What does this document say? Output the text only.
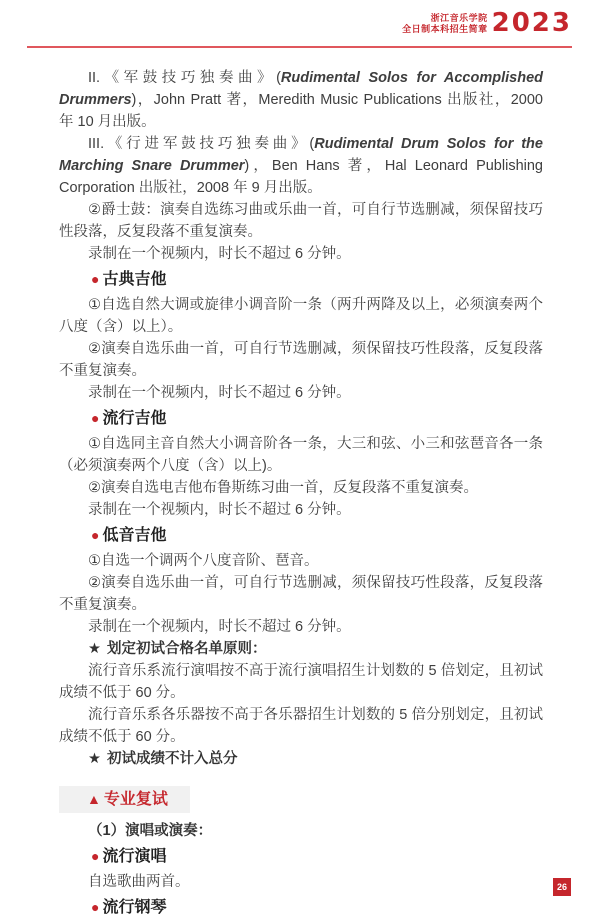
浙江音乐学院
全日制本科招生简章 2023

II.《军鼓技巧独奏曲》(Rudimental Solos for Accomplished Drummers)，John Pratt 著，Meredith Music Publications 出版社，2000 年 10 月出版。

III.《行进军鼓技巧独奏曲》(Rudimental Drum Solos for the Marching Snare Drummer)，Ben Hans 著，Hal Leonard Publishing Corporation 出版社，2008 年 9 月出版。

②爵士鼓：演奏自选练习曲或乐曲一首，可自行节选删减，须保留技巧性段落，反复段落不重复演奏。

录制在一个视频内，时长不超过 6 分钟。

● 古典吉他

①自选自然大调或旋律小调音阶一条（两升两降及以上，必须演奏两个八度（含）以上）。

②演奏自选乐曲一首，可自行节选删减，须保留技巧性段落，反复段落不重复演奏。

录制在一个视频内，时长不超过 6 分钟。

● 流行吉他

①自选同主音自然大小调音阶各一条，大三和弦、小三和弦琶音各一条（必须演奏两个八度（含）以上)。

②演奏自选电吉他布鲁斯练习曲一首，反复段落不重复演奏。

录制在一个视频内，时长不超过 6 分钟。

● 低音吉他

①自选一个调两个八度音阶、琶音。

②演奏自选乐曲一首，可自行节选删减，须保留技巧性段落，反复段落不重复演奏。

录制在一个视频内，时长不超过 6 分钟。

★ 划定初试合格名单原则：

流行音乐系流行演唱按不高于流行演唱招生计划数的 5 倍划定，且初试成绩不低于 60 分。

流行音乐系各乐器按不高于各乐器招生计划数的 5 倍分别划定，且初试成绩不低于 60 分。

★ 初试成绩不计入总分

▲ 专业复试

（1）演唱或演奏：

● 流行演唱

自选歌曲两首。

● 流行钢琴

26
